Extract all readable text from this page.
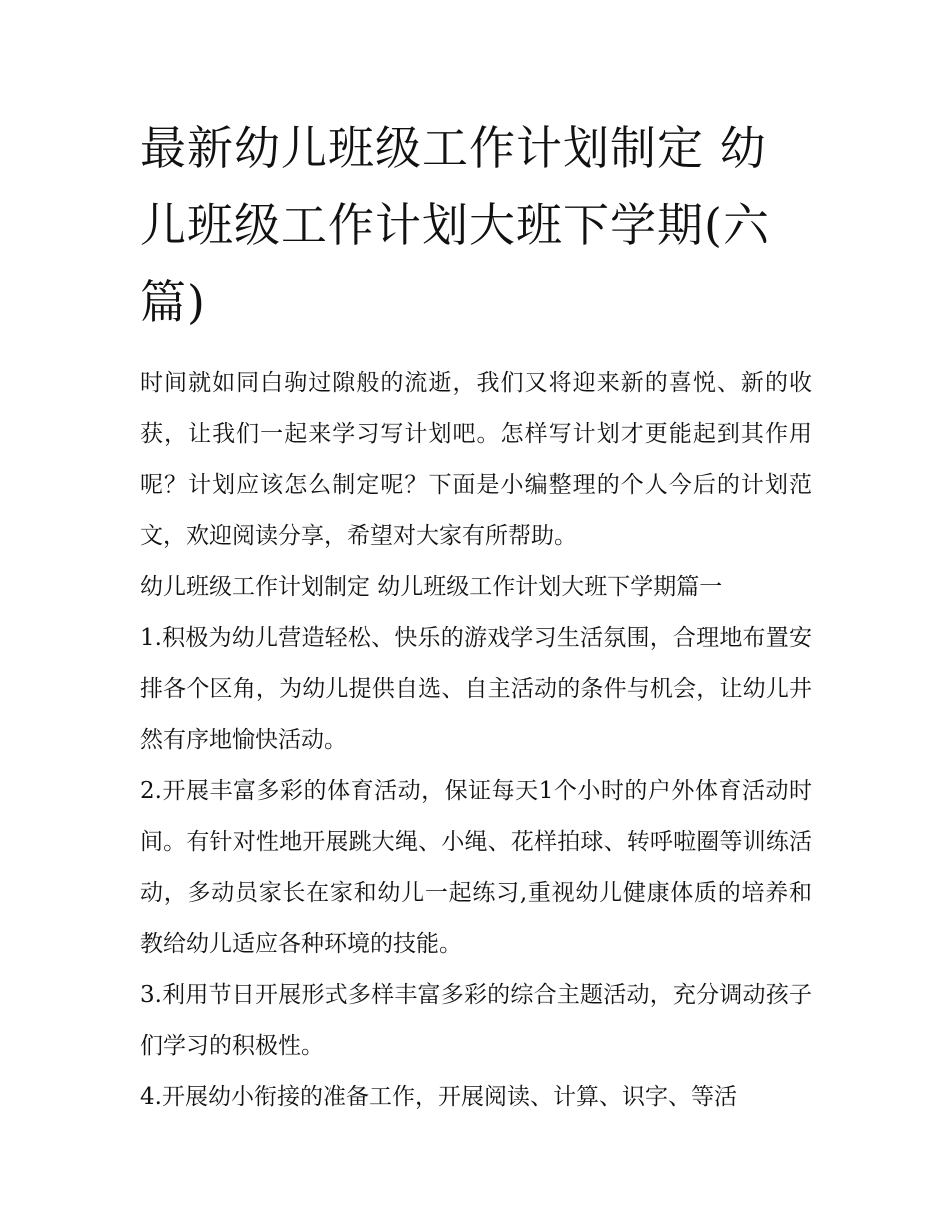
最新幼儿班级工作计划制定 幼儿班级工作计划大班下学期(六篇)

时间就如同白驹过隙般的流逝，我们又将迎来新的喜悦、新的收获，让我们一起来学习写计划吧。怎样写计划才更能起到其作用呢？计划应该怎么制定呢？下面是小编整理的个人今后的计划范文，欢迎阅读分享，希望对大家有所帮助。

幼儿班级工作计划制定 幼儿班级工作计划大班下学期篇一

1.积极为幼儿营造轻松、快乐的游戏学习生活氛围，合理地布置安排各个区角，为幼儿提供自选、自主活动的条件与机会，让幼儿井然有序地愉快活动。

2.开展丰富多彩的体育活动，保证每天1个小时的户外体育活动时间。有针对性地开展跳大绳、小绳、花样拍球、转呼啦圈等训练活动，多动员家长在家和幼儿一起练习,重视幼儿健康体质的培养和教给幼儿适应各种环境的技能。

3.利用节日开展形式多样丰富多彩的综合主题活动，充分调动孩子们学习的积极性。

4.开展幼小衔接的准备工作，开展阅读、计算、识字、等活
